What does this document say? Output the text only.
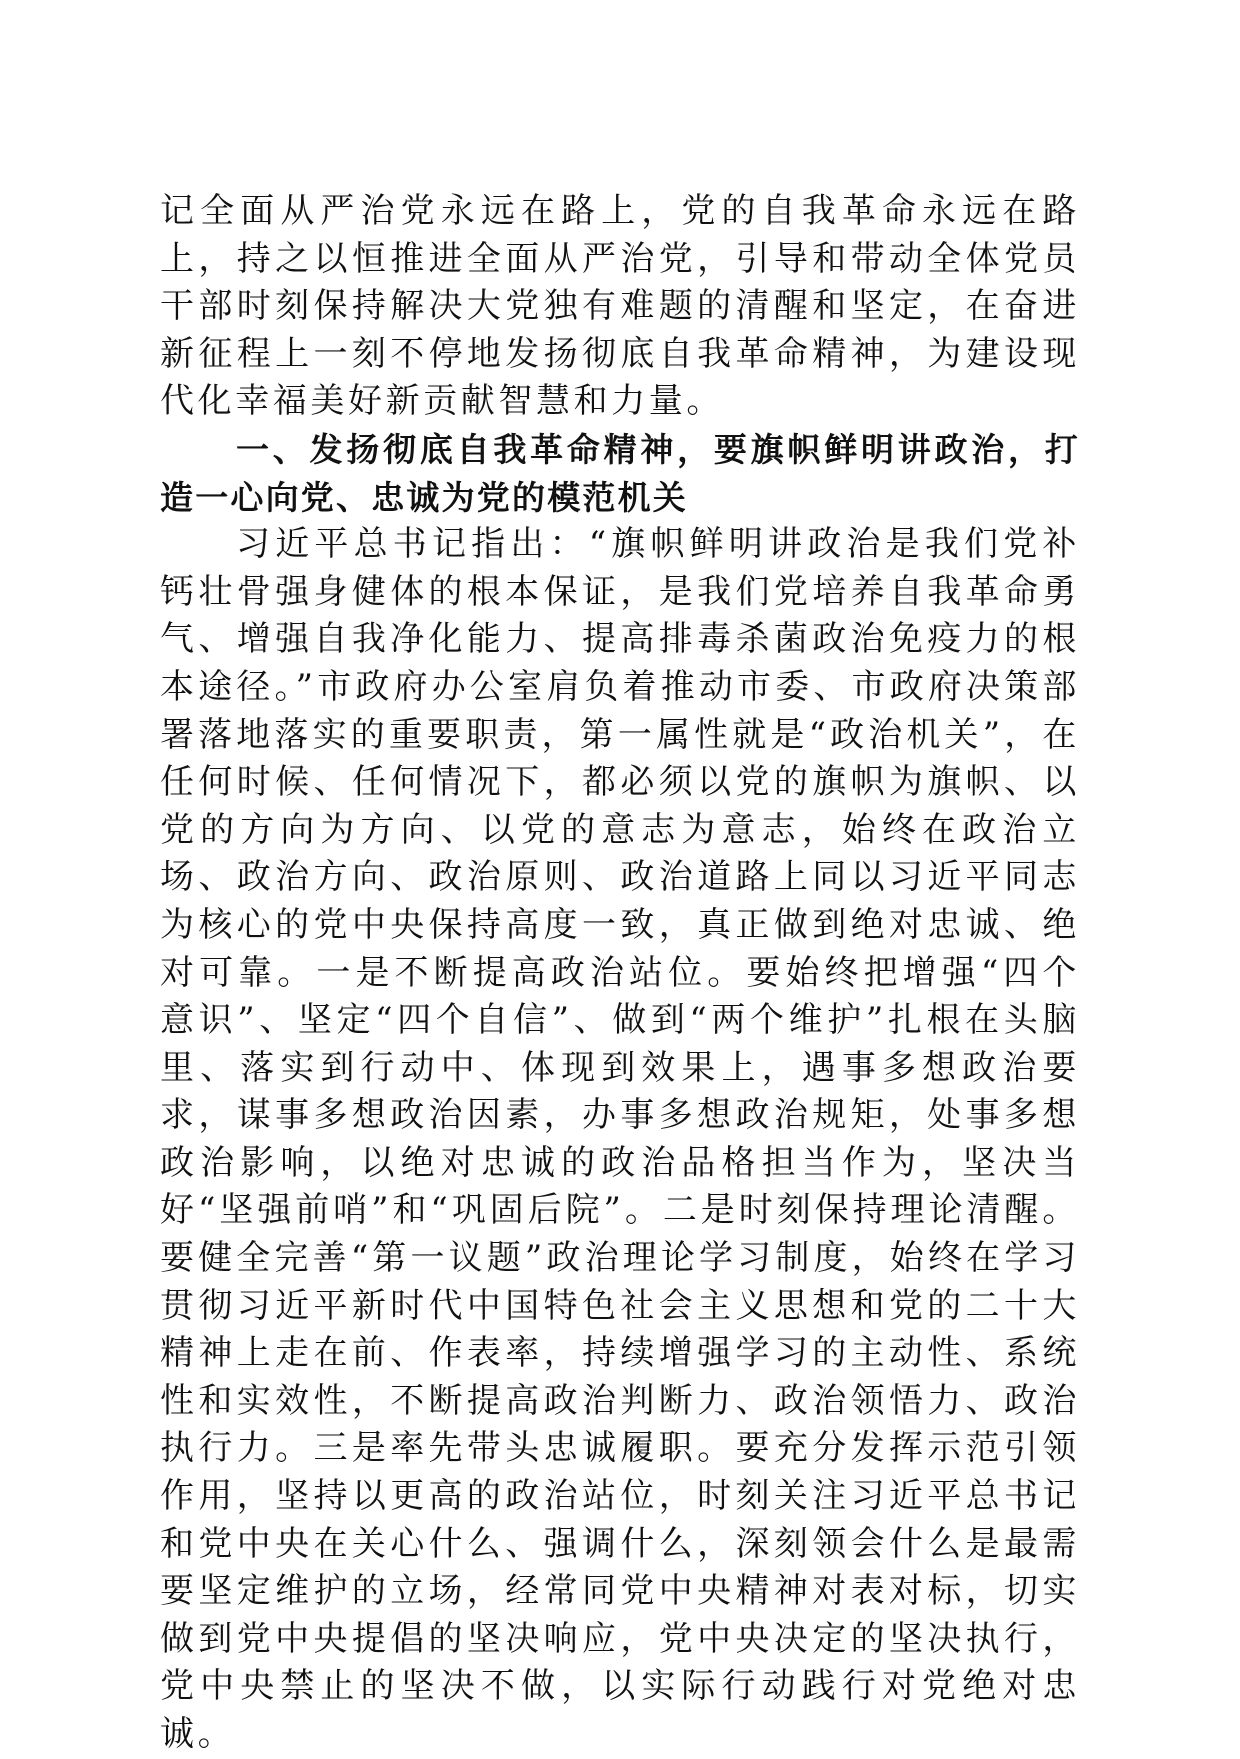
记全面从严治党永远在路上，党的自我革命永远在路上，持之以恒推进全面从严治党，引导和带动全体党员干部时刻保持解决大党独有难题的清醒和坚定，在奋进新征程上一刻不停地发扬彻底自我革命精神，为建设现代化幸福美好新贡献智慧和力量。

一、发扬彻底自我革命精神，要旗帜鲜明讲政治，打造一心向党、忠诚为党的模范机关

习近平总书记指出：“旗帜鲜明讲政治是我们党补钙壮骨强身健体的根本保证，是我们党培养自我革命勇气、增强自我净化能力、提高排毒杀菌政治免疫力的根本途径。”市政府办公室肩负着推动市委、市政府决策部署落地落实的重要职责，第一属性就是“政治机关”，在任何时候、任何情况下，都必须以党的旗帜为旗帜、以党的方向为方向、以党的意志为意志，始终在政治立场、政治方向、政治原则、政治道路上同以习近平同志为核心的党中央保持高度一致，真正做到绝对忠诚、绝对可靠。一是不断提高政治站位。要始终把增强“四个意识”、坚定“四个自信”、做到“两个维护”扎根在头脑里、落实到行动中、体现到效果上，遇事多想政治要求，谋事多想政治因素，办事多想政治规矩，处事多想政治影响，以绝对忠诚的政治品格担当作为，坚决当好“坚强前哨”和“巩固后院”。二是时刻保持理论清醒。要健全完善“第一议题”政治理论学习制度，始终在学习贯彻习近平新时代中国特色社会主义思想和党的二十大精神上走在前、作表率，持续增强学习的主动性、系统性和实效性，不断提高政治判断力、政治领悟力、政治执行力。三是率先带头忠诚履职。要充分发挥示范引领作用，坚持以更高的政治站位，时刻关注习近平总书记和党中央在关心什么、强调什么，深刻领会什么是最需要坚定维护的立场，经常同党中央精神对表对标，切实做到党中央提倡的坚决响应，党中央决定的坚决执行，党中央禁止的坚决不做，以实际行动践行对党绝对忠诚。
